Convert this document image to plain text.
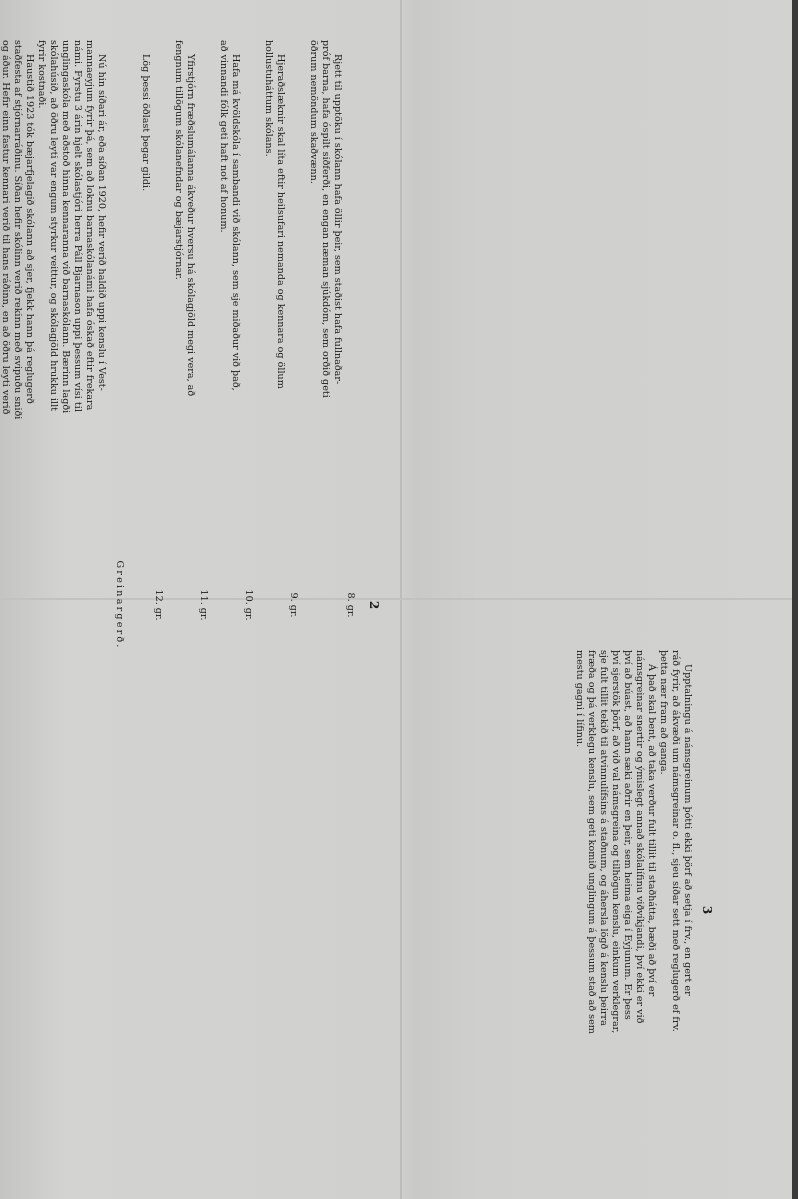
2
8. gr.
Rjett til upptöku í skólann hafa öllir þeir, sem staðist hafa fullnaðar-
próf barna, hafa óspilt siðferði, en engan næman sjúkdóm, sem orðið geti
öðrum nemöndum skaðvænn.
9. gr.
Hjeraðslæknir skal líta eftir heilsufari nemanda og kennara og öllum
hollustuháttum skólans.
10. gr.
Hafa má kvöldskóla í sambandi við skólann, sem sje miðaður við það,
að vinnandi fólk geti haft not af honum.
11. gr.
Yfirstjórn fræðslumálanna ákveður hversu há skólagjöld megi vera, að
fengnum tillögum skólanefndar og bæjarstjórnar.
12. gr.
Lög þessi öðlast þegar gildi.
Greinargerð.
Nú hin síðari ár, eða síðan 1920, hefir verið haldið uppi kenslu í Vest-
mannaeyjum fyrir þá, sem að loknu barnaskólanámi hafa óskað eftir frekara
námi. Fyrstu 3 árin hjelt skólastjóri herra Páll Bjarnason uppi þessum vísi til
unglingaskóla með aðstoð hinna kennaranna við barnaskólann. Bærinn lagði
skólahúsið, að öðru leyti var engum styrkur veittur, og skólagjöld hrukku illt
fyrir kostnaði.
Haustið 1923 tók bæjarfjelagið skólann að sjer, fjekk hann þá reglugerð
staðfesta af stjórnarráðinu. Síðan hefir skólinn verið rekinn með svipuðu sniði
og áður. Hefir einn fastur kennari verið til hans ráðinn, en að öðru leyti verið
3
Upptalningu á námsgreinum þótti ekki þörf að setja í frv., en gert er
ráð fyrir, að ákvæði um námsgreinar o. fl., sjeu síðar sett með reglugerð ef frv.
þetta nær fram að ganga.
Á það skal bent, að taka verður fult tillit til staðhátta, bæði að því er
námsgreinar snertir og ýmislegt annað skólalífinu viðvíkjandi, því ekki er við
því að búast, að hann sæki aðrir en þeir, sem heima eiga í Eyjunum. Er þess
því sjerstök þörf, að við val námsgreina og tilhögun kenslu, einkum verklegrar,
sje fult tillit tekið til atvinnulífsins á staðnum, og áhersla lögð á kenslu þeirra
fræða og þá verklegu kenslu, sem geti komið unglingum á þessum stað að sem
mestu gagni í lífinu.
